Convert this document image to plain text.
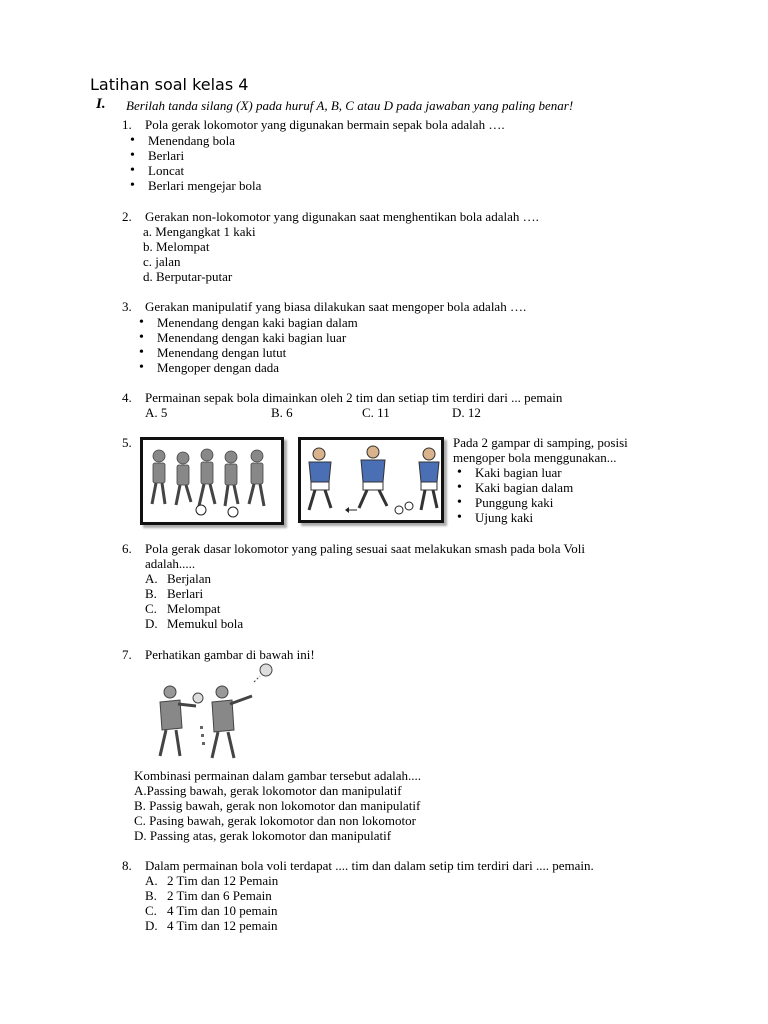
Latihan soal kelas 4
I. Berilah tanda silang (X) pada huruf A, B, C atau D pada jawaban yang paling benar!
1. Pola gerak lokomotor yang digunakan bermain sepak bola adalah ….
• Menendang bola
• Berlari
• Loncat
• Berlari mengejar bola
2. Gerakan non-lokomotor yang digunakan saat menghentikan bola adalah ….
a. Mengangkat 1 kaki
b. Melompat
c. jalan
d. Berputar-putar
3. Gerakan manipulatif yang biasa dilakukan saat mengoper bola adalah ….
• Menendang dengan kaki bagian dalam
• Menendang dengan kaki bagian luar
• Menendang dengan lutut
• Mengoper dengan dada
4. Permainan sepak bola dimainkan oleh 2 tim dan setiap tim terdiri dari ... pemain
A. 5	B. 6	C. 11	D. 12
5.	Pada 2 gampar di samping, posisi
mengoper bola menggunakan...
• Kaki bagian luar
• Kaki bagian dalam
• Punggung kaki
• Ujung kaki
6. Pola gerak dasar lokomotor yang paling sesuai saat melakukan smash pada bola Voli
adalah.....
A. Berjalan
B. Berlari
C. Melompat
D. Memukul bola
7. Perhatikan gambar di bawah ini!
Kombinasi permainan dalam gambar tersebut adalah....
A.Passing bawah, gerak lokomotor dan manipulatif
B. Passig bawah, gerak non lokomotor dan manipulatif
C. Pasing bawah, gerak lokomotor dan non lokomotor
D. Passing atas, gerak lokomotor dan manipulatif
8. Dalam permainan bola voli terdapat .... tim dan dalam setip tim terdiri dari .... pemain.
A. 2 Tim dan 12 Pemain
B. 2 Tim dan 6 Pemain
C. 4 Tim dan 10 pemain
D. 4 Tim dan 12 pemain
